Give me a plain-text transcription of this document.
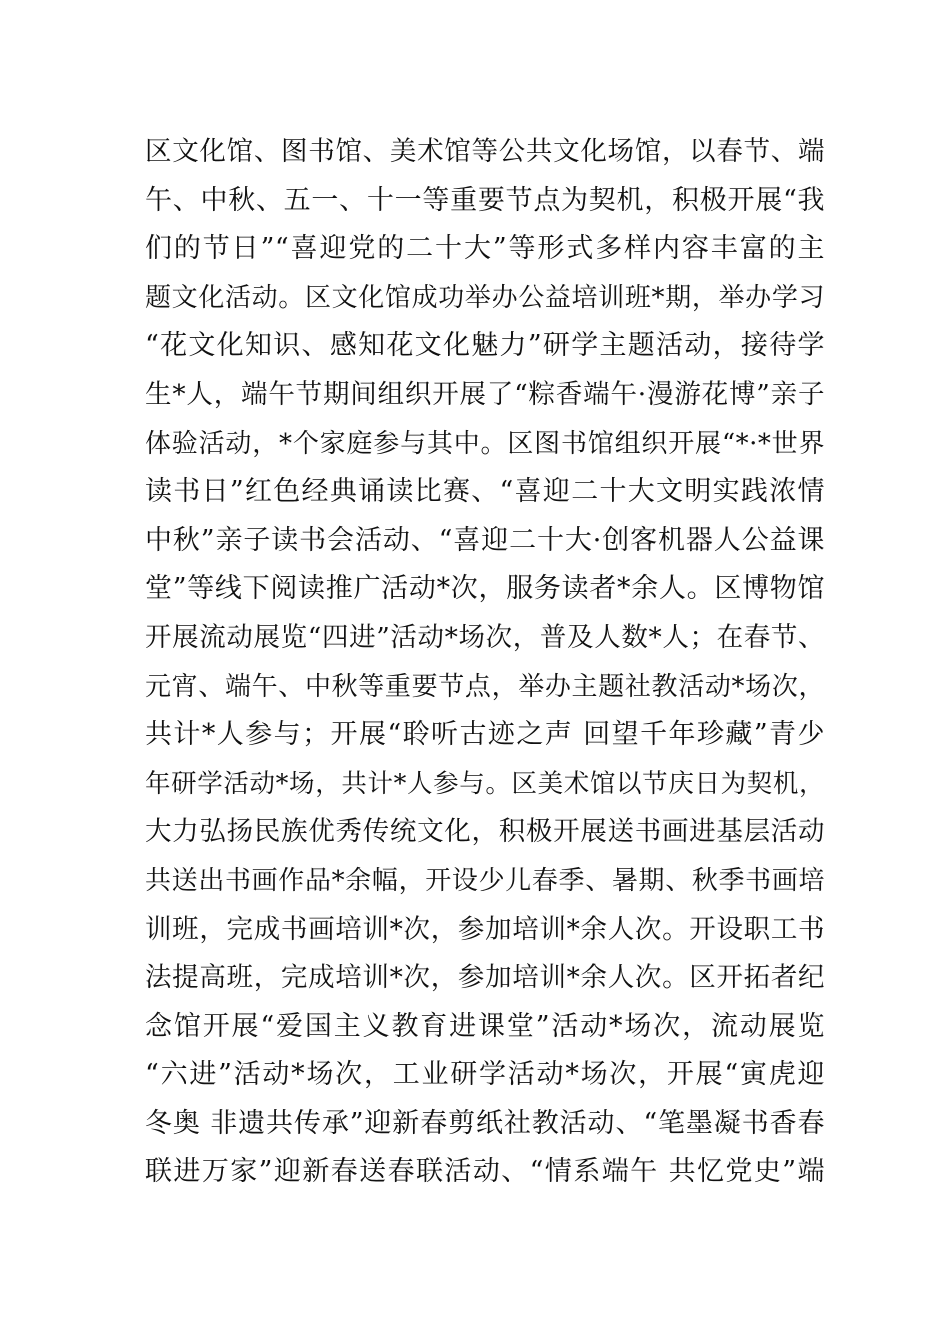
区文化馆、图书馆、美术馆等公共文化场馆，以春节、端
午、中秋、五一、十一等重要节点为契机，积极开展“我
们的节日”“喜迎党的二十大”等形式多样内容丰富的主
题文化活动。区文化馆成功举办公益培训班*期，举办学习
“花文化知识、感知花文化魅力”研学主题活动，接待学
生*人，端午节期间组织开展了“粽香端午·漫游花博”亲子
体验活动，*个家庭参与其中。区图书馆组织开展“*·*世界
读书日”红色经典诵读比赛、“喜迎二十大文明实践浓情
中秋”亲子读书会活动、“喜迎二十大·创客机器人公益课
堂”等线下阅读推广活动*次，服务读者*余人。区博物馆
开展流动展览“四进”活动*场次，普及人数*人；在春节、
元宵、端午、中秋等重要节点，举办主题社教活动*场次，
共计*人参与；开展“聆听古迹之声 回望千年珍藏”青少
年研学活动*场，共计*人参与。区美术馆以节庆日为契机，
大力弘扬民族优秀传统文化，积极开展送书画进基层活动
共送出书画作品*余幅，开设少儿春季、暑期、秋季书画培
训班，完成书画培训*次，参加培训*余人次。开设职工书
法提高班，完成培训*次，参加培训*余人次。区开拓者纪
念馆开展“爱国主义教育进课堂”活动*场次，流动展览
“六进”活动*场次，工业研学活动*场次，开展“寅虎迎
冬奥 非遗共传承”迎新春剪纸社教活动、“笔墨凝书香春
联进万家”迎新春送春联活动、“情系端午 共忆党史”端
